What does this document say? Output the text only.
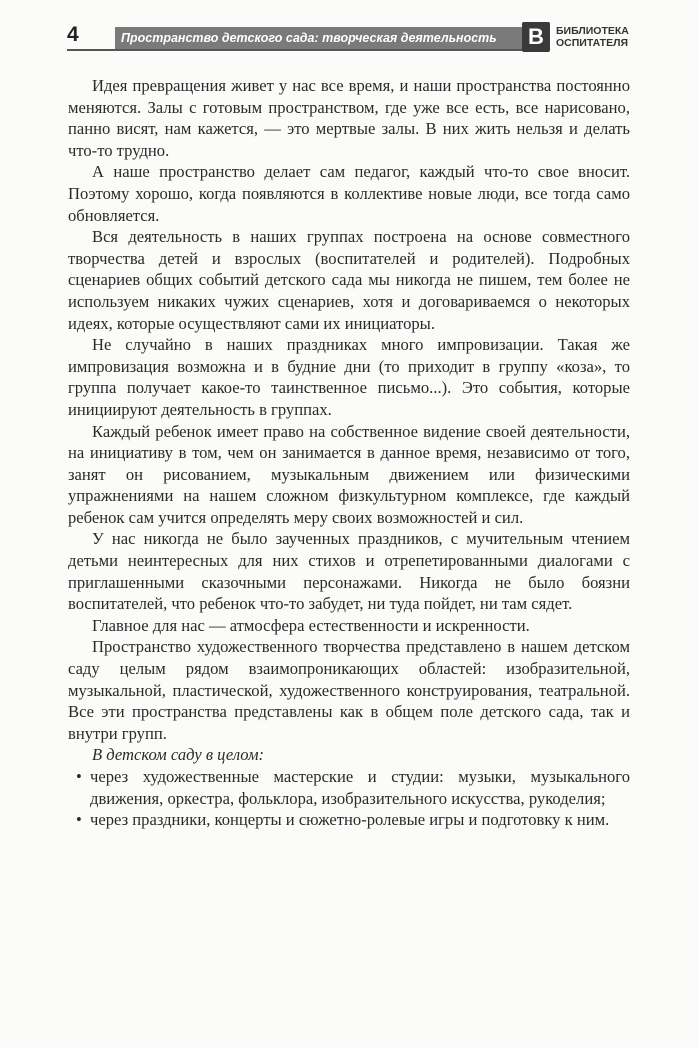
4	Пространство детского сада: творческая деятельность	В	БИБЛИОТЕКА
ОСПИТАТЕЛЯ

Идея превращения живет у нас все время, и наши пространства постоянно меняются. Залы с готовым пространством, где уже все есть, все нарисовано, панно висят, нам кажется, — это мертвые залы. В них жить нельзя и делать что-то трудно.

А наше пространство делает сам педагог, каждый что-то свое вносит. Поэтому хорошо, когда появляются в коллективе новые люди, все тогда само обновляется.

Вся деятельность в наших группах построена на основе совместного творчества детей и взрослых (воспитателей и родителей). Подробных сценариев общих событий детского сада мы никогда не пишем, тем более не используем никаких чужих сценариев, хотя и договариваемся о некоторых идеях, которые осуществляют сами их инициаторы.

Не случайно в наших праздниках много импровизации. Такая же импровизация возможна и в будние дни (то приходит в группу «коза», то группа получает какое-то таинственное письмо...). Это события, которые инициируют деятельность в группах.

Каждый ребенок имеет право на собственное видение своей деятельности, на инициативу в том, чем он занимается в данное время, независимо от того, занят он рисованием, музыкальным движением или физическими упражнениями на нашем сложном физкультурном комплексе, где каждый ребенок сам учится определять меру своих возможностей и сил.

У нас никогда не было заученных праздников, с мучительным чтением детьми неинтересных для них стихов и отрепетированными диалогами с приглашенными сказочными персонажами. Никогда не было боязни воспитателей, что ребенок что-то забудет, ни туда пойдет, ни там сядет.

Главное для нас — атмосфера естественности и искренности.

Пространство художественного творчества представлено в нашем детском саду целым рядом взаимопроникающих областей: изобразительной, музыкальной, пластической, художественного конструирования, театральной. Все эти пространства представлены как в общем поле детского сада, так и внутри групп.

В детском саду в целом:

• через художественные мастерские и студии: музыки, музыкального движения, оркестра, фольклора, изобразительного искусства, рукоделия;
• через праздники, концерты и сюжетно-ролевые игры и подготовку к ним.
